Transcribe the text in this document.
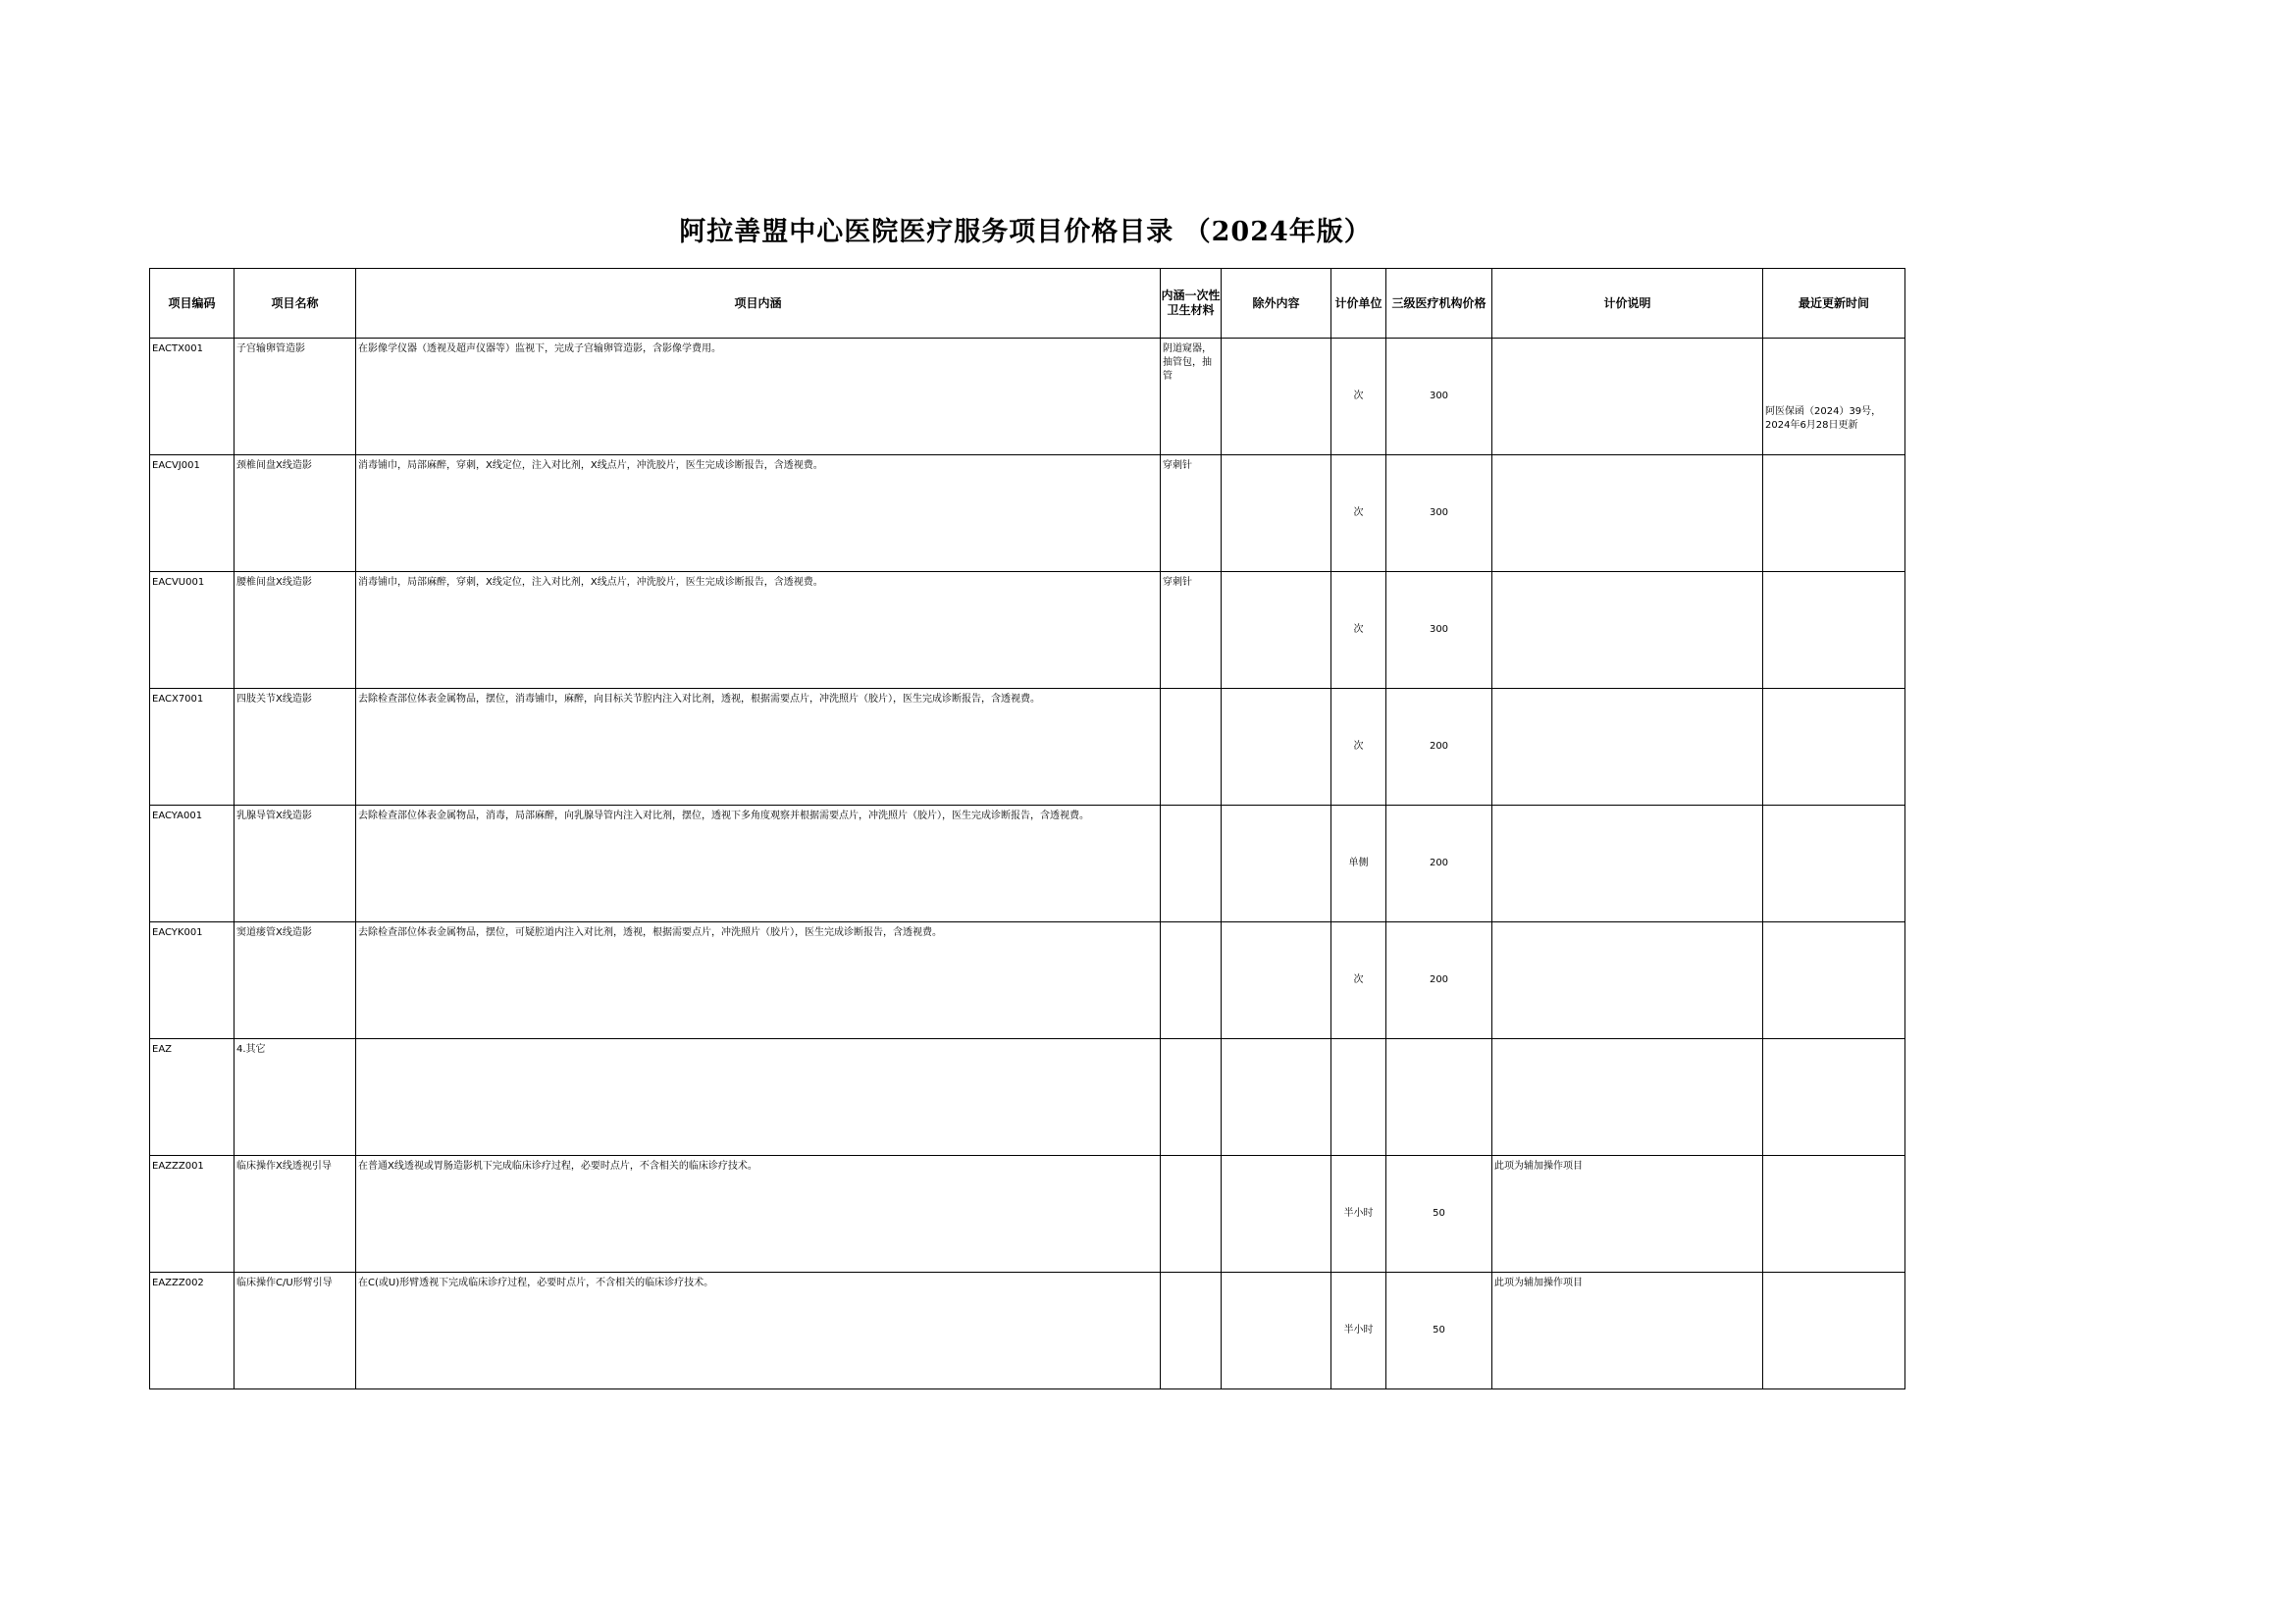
阿拉善盟中心医院医疗服务项目价格目录 （2024年版）
项目编码	项目名称	项目内涵	内涵一次性卫生材料	除外内容	计价单位	三级医疗机构价格	计价说明	最近更新时间
EACTX001	子宫输卵管造影	在影像学仪器（透视及超声仪器等）监视下，完成子宫输卵管造影，含影像学费用。	阴道窥器，抽管包，抽管		次	300		阿医保函（2024）39号，2024年6月28日更新

EACVJ001	颈椎间盘X线造影	消毒铺巾，局部麻醉，穿刺，X线定位，注入对比剂，X线点片，冲洗胶片，医生完成诊断报告，含透视费。	穿刺针		次	300		
EACVU001	腰椎间盘X线造影	消毒铺巾，局部麻醉，穿刺，X线定位，注入对比剂，X线点片，冲洗胶片，医生完成诊断报告，含透视费。	穿刺针		次	300		
EACX7001	四肢关节X线造影	去除检查部位体表金属物品，摆位，消毒铺巾，麻醉，向目标关节腔内注入对比剂，透视，根据需要点片，冲洗照片（胶片），医生完成诊断报告，含透视费。			次	200		
EACYA001	乳腺导管X线造影	去除检查部位体表金属物品，消毒，局部麻醉，向乳腺导管内注入对比剂，摆位，透视下多角度观察并根据需要点片，冲洗照片（胶片），医生完成诊断报告，含透视费。			单侧	200		
EACYK001	窦道瘘管X线造影	去除检查部位体表金属物品，摆位，可疑腔道内注入对比剂，透视，根据需要点片，冲洗照片（胶片），医生完成诊断报告，含透视费。			次	200		
EAZ	4.其它							
EAZZZ001	临床操作X线透视引导	在普通X线透视或胃肠造影机下完成临床诊疗过程，必要时点片，不含相关的临床诊疗技术。			半小时	50	此项为辅加操作项目	
EAZZZ002	临床操作C/U形臂引导	在C(或U)形臂透视下完成临床诊疗过程，必要时点片，不含相关的临床诊疗技术。			半小时	50	此项为辅加操作项目	
